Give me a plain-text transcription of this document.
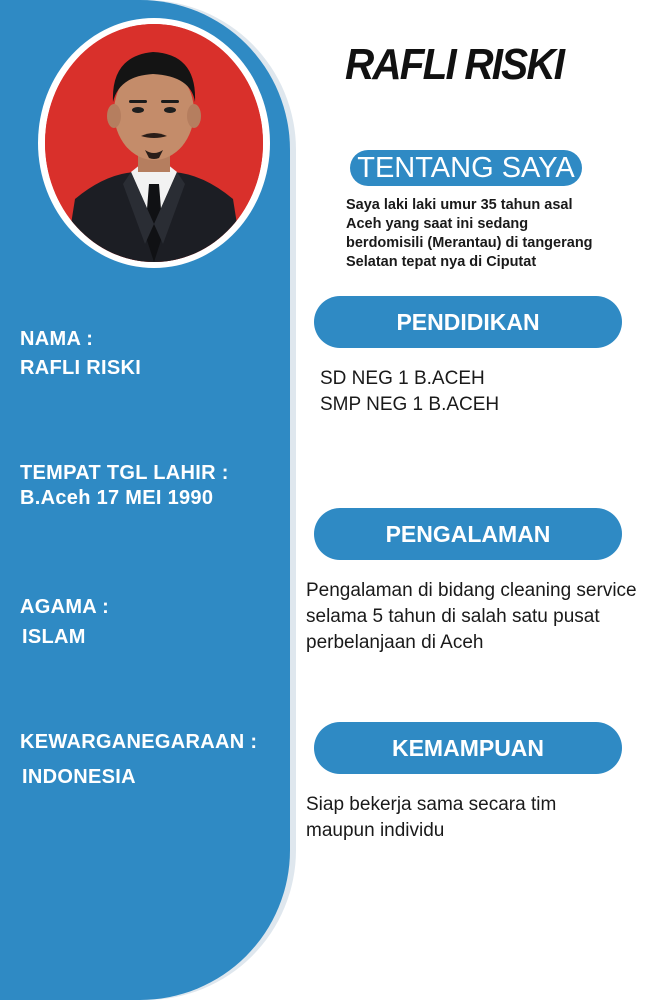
NAMA :

RAFLI RISKI

TEMPAT TGL LAHIR :

B.Aceh 17 MEI 1990

AGAMA :

ISLAM

KEWARGANEGARAAN :

INDONESIA

RAFLI RISKI
TENTANG SAYA

Saya laki laki umur 35 tahun asal Aceh yang saat ini sedang berdomisili (Merantau) di tangerang Selatan tepat nya di Ciputat

PENDIDIKAN

SD NEG 1 B.ACEH
SMP NEG 1 B.ACEH

PENGALAMAN

Pengalaman di bidang cleaning service selama 5 tahun di salah satu pusat perbelanjaan di Aceh

KEMAMPUAN

Siap bekerja sama secara tim maupun individu
